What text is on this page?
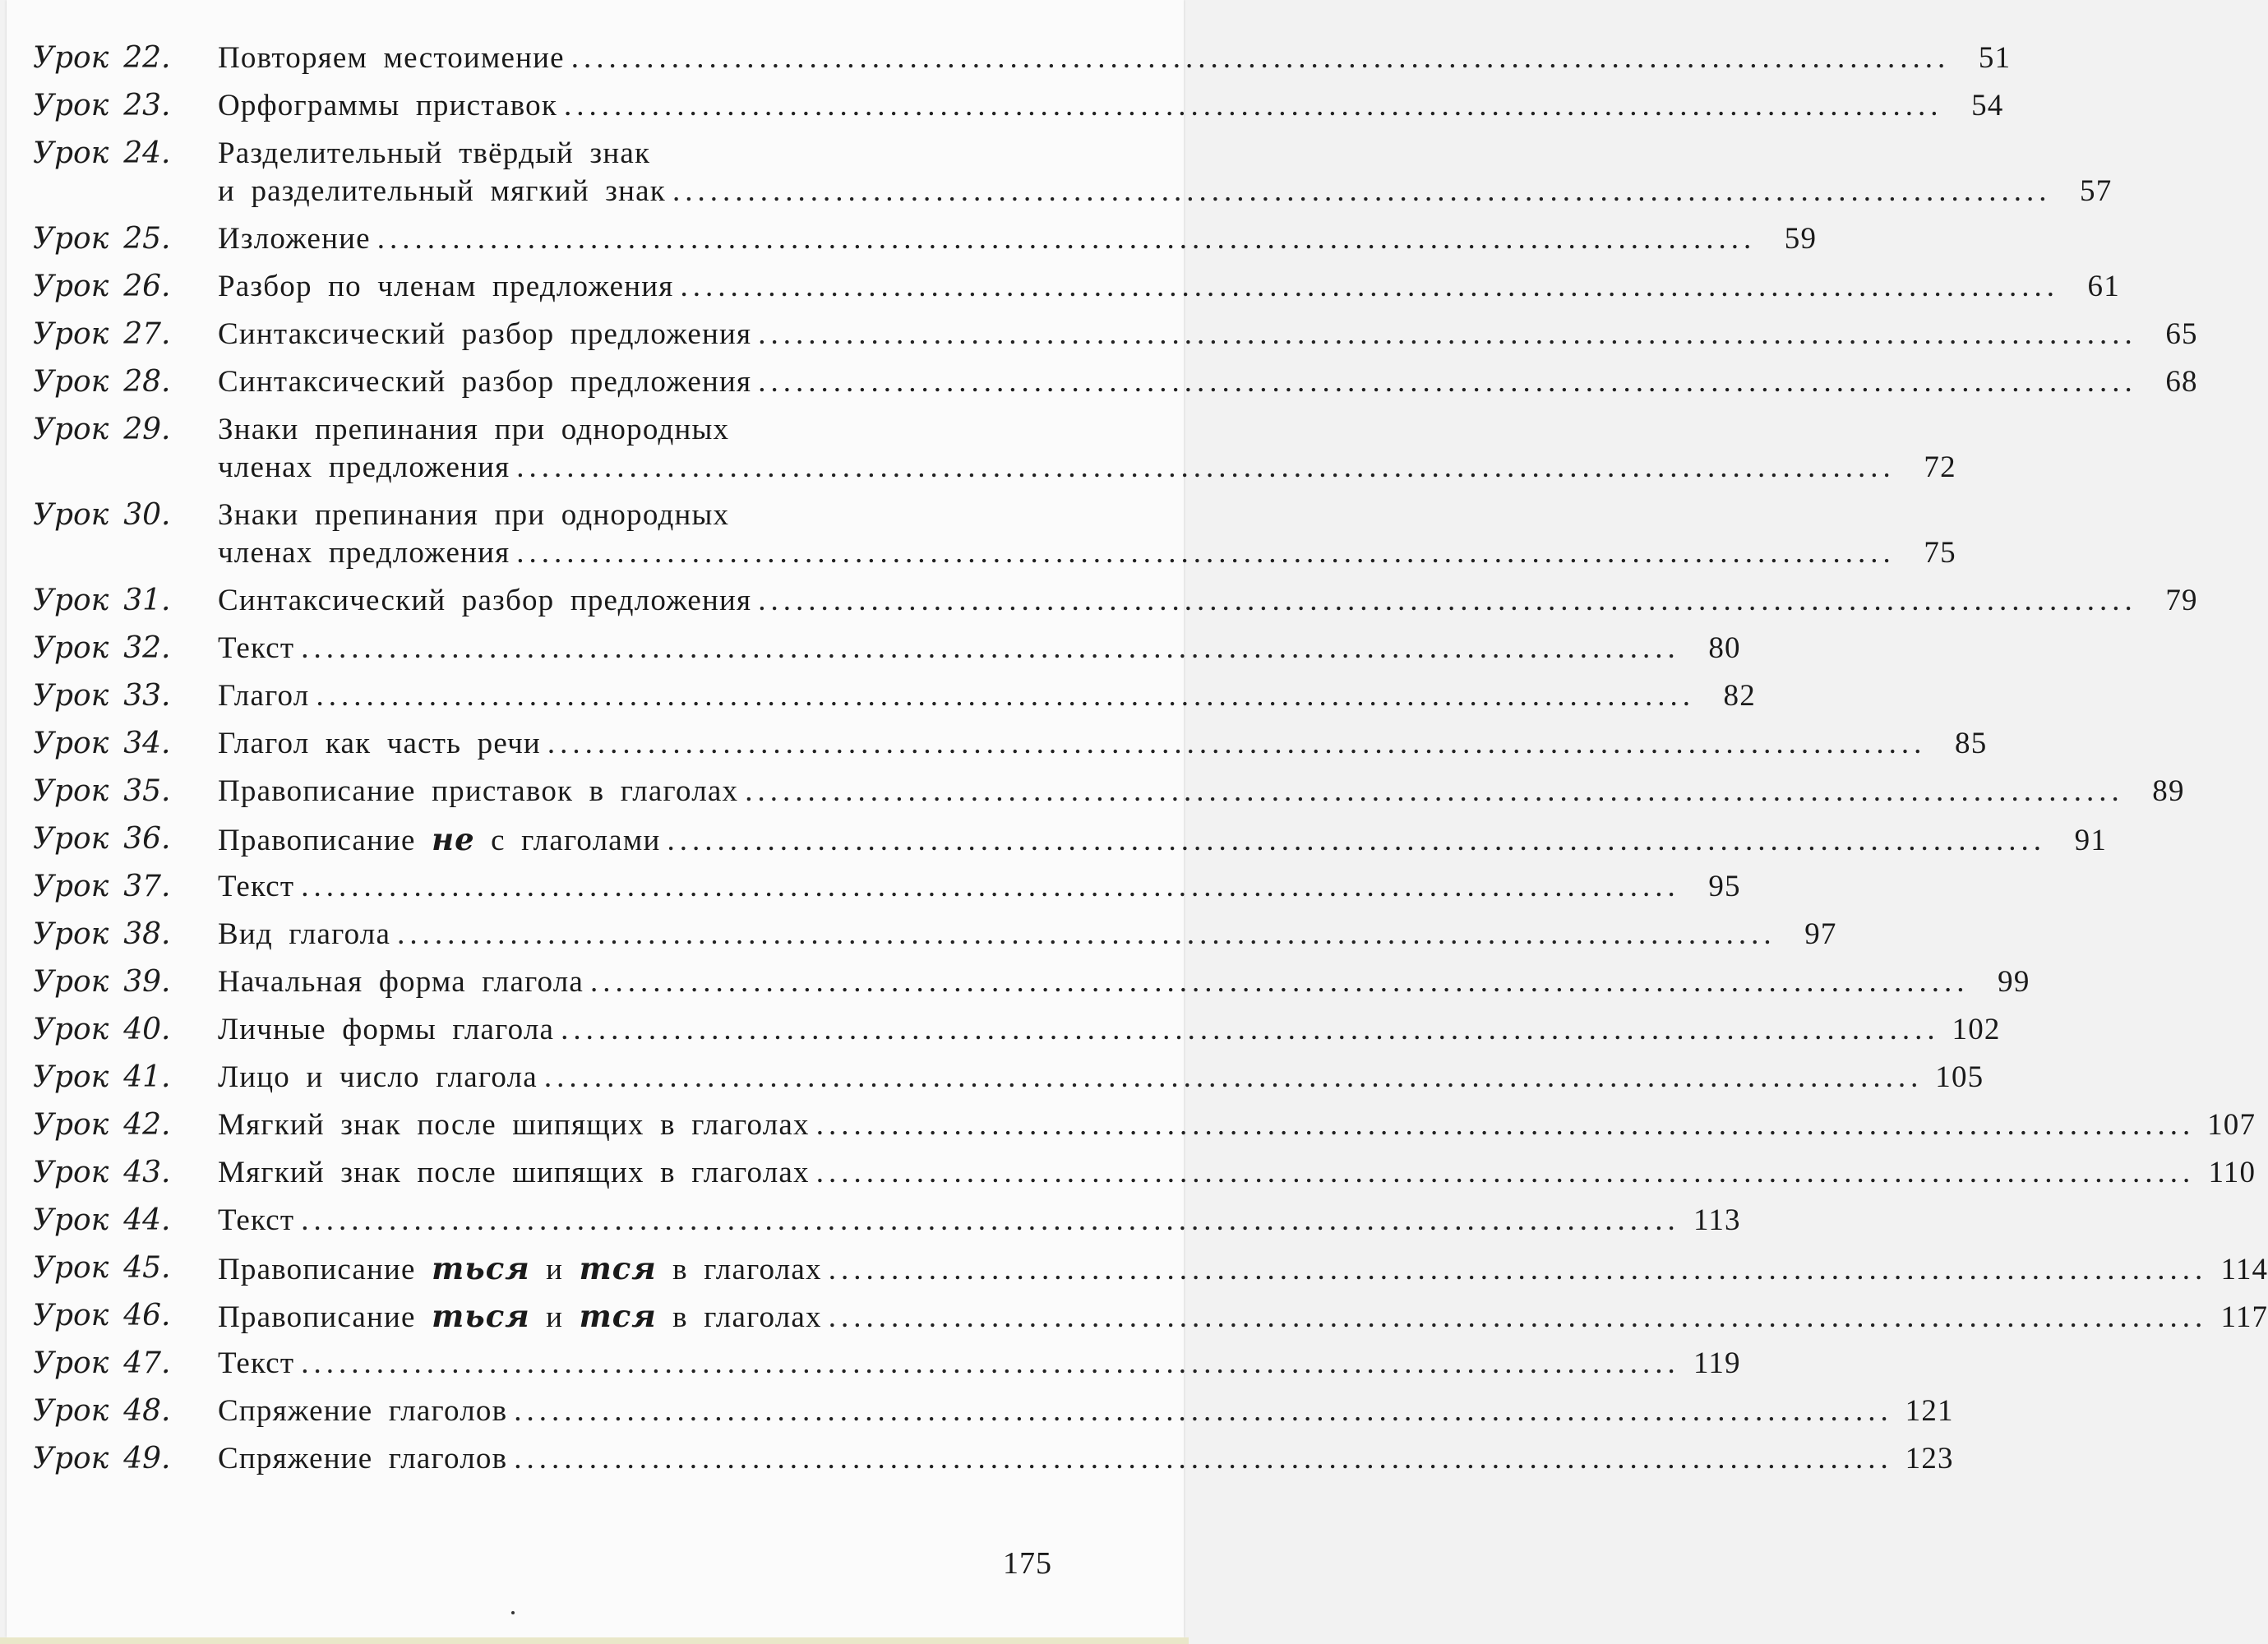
Урок 22.	Повторяем местоимение .....	51
Урок 23.	Орфограммы приставок .....	54
Урок 24.	Разделительный твёрдый знак
и разделительный мягкий знак .....	57
Урок 25.	Изложение .....	59
Урок 26.	Разбор по членам предложения .....	61
Урок 27.	Синтаксический разбор предложения .....	65
Урок 28.	Синтаксический разбор предложения .....	68
Урок 29.	Знаки препинания при однородных
членах предложения .....	72
Урок 30.	Знаки препинания при однородных
членах предложения .....	75
Урок 31.	Синтаксический разбор предложения .....	79
Урок 32.	Текст .....	80
Урок 33.	Глагол .....	82
Урок 34.	Глагол как часть речи .....	85
Урок 35.	Правописание приставок в глаголах .....	89
Урок 36.	Правописание не с глаголами .....	91
Урок 37.	Текст .....	95
Урок 38.	Вид глагола .....	97
Урок 39.	Начальная форма глагола .....	99
Урок 40.	Личные формы глагола .....	102
Урок 41.	Лицо и число глагола .....	105
Урок 42.	Мягкий знак после шипящих в глаголах .....	107
Урок 43.	Мягкий знак после шипящих в глаголах .....	110
Урок 44.	Текст .....	113
Урок 45.	Правописание ться и тся в глаголах .....	114
Урок 46.	Правописание ться и тся в глаголах .....	117
Урок 47.	Текст .....	119
Урок 48.	Спряжение глаголов .....	121
Урок 49.	Спряжение глаголов .....	123
175
